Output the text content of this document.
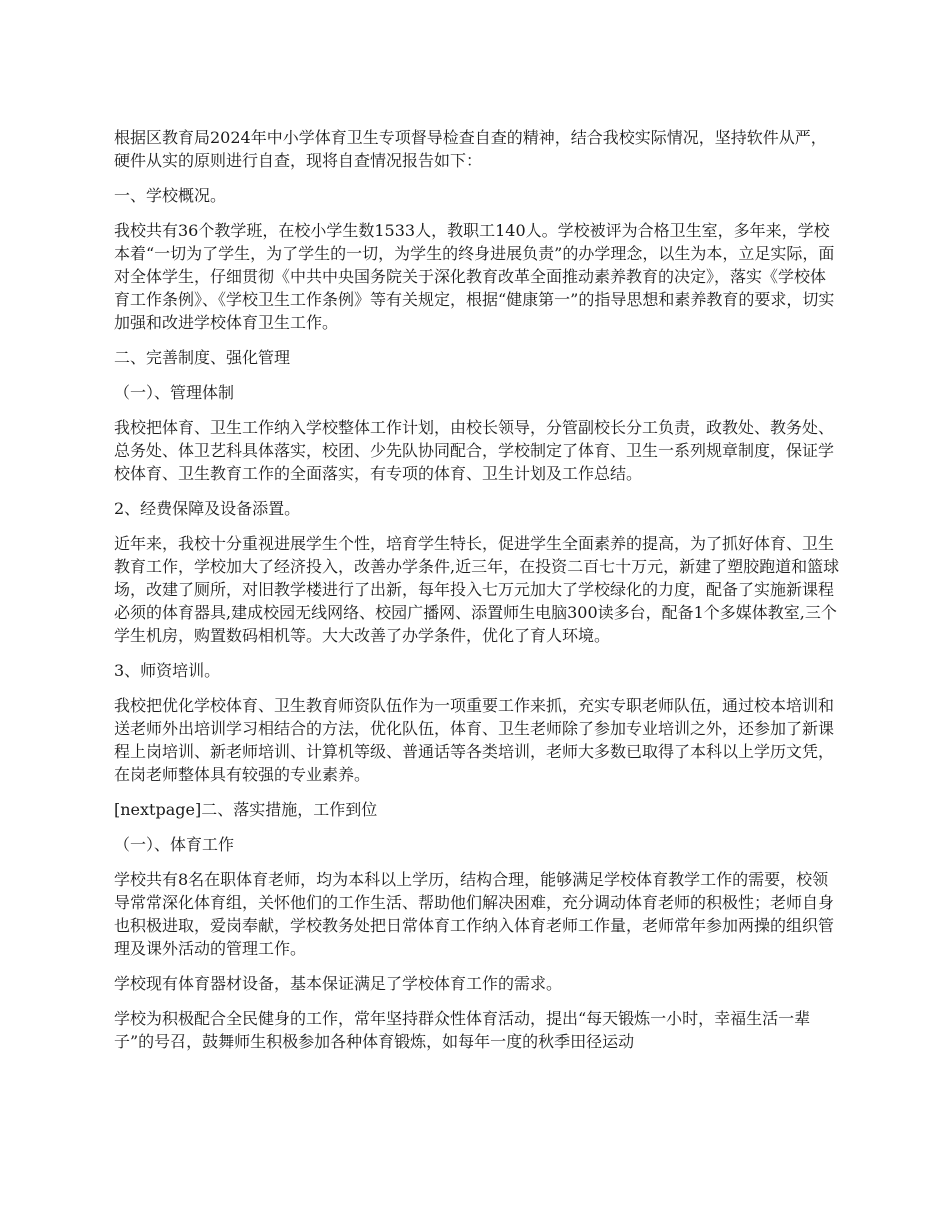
根据区教育局2024年中小学体育卫生专项督导检查自查的精神，结合我校实际情况，坚持软件从严，硬件从实的原则进行自查，现将自查情况报告如下：

一、学校概况。

我校共有36个教学班，在校小学生数1533人，教职工140人。学校被评为合格卫生室，多年来，学校本着“一切为了学生，为了学生的一切，为学生的终身进展负责”的办学理念，以生为本，立足实际，面对全体学生，仔细贯彻《中共中央国务院关于深化教育改革全面推动素养教育的决定》，落实《学校体育工作条例》、《学校卫生工作条例》等有关规定，根据“健康第一”的指导思想和素养教育的要求，切实加强和改进学校体育卫生工作。

二、完善制度、强化管理

（一）、管理体制

我校把体育、卫生工作纳入学校整体工作计划，由校长领导，分管副校长分工负责，政教处、教务处、总务处、体卫艺科具体落实，校团、少先队协同配合，学校制定了体育、卫生一系列规章制度，保证学校体育、卫生教育工作的全面落实，有专项的体育、卫生计划及工作总结。

2、经费保障及设备添置。

近年来，我校十分重视进展学生个性，培育学生特长，促进学生全面素养的提高，为了抓好体育、卫生教育工作，学校加大了经济投入，改善办学条件,近三年，在投资二百七十万元，新建了塑胶跑道和篮球场，改建了厕所，对旧教学楼进行了出新，每年投入七万元加大了学校绿化的力度，配备了实施新课程必须的体育器具,建成校园无线网络、校园广播网、添置师生电脑300读多台，配备1个多媒体教室,三个学生机房，购置数码相机等。大大改善了办学条件，优化了育人环境。

3、师资培训。

我校把优化学校体育、卫生教育师资队伍作为一项重要工作来抓，充实专职老师队伍，通过校本培训和送老师外出培训学习相结合的方法，优化队伍，体育、卫生老师除了参加专业培训之外，还参加了新课程上岗培训、新老师培训、计算机等级、普通话等各类培训，老师大多数已取得了本科以上学历文凭，在岗老师整体具有较强的专业素养。

[nextpage]二、落实措施，工作到位

（一）、体育工作

学校共有8名在职体育老师，均为本科以上学历，结构合理，能够满足学校体育教学工作的需要，校领导常常深化体育组，关怀他们的工作生活、帮助他们解决困难，充分调动体育老师的积极性；老师自身也积极进取，爱岗奉献，学校教务处把日常体育工作纳入体育老师工作量，老师常年参加两操的组织管理及课外活动的管理工作。

学校现有体育器材设备，基本保证满足了学校体育工作的需求。

学校为积极配合全民健身的工作，常年坚持群众性体育活动，提出“每天锻炼一小时，幸福生活一辈子”的号召，鼓舞师生积极参加各种体育锻炼，如每年一度的秋季田径运动
